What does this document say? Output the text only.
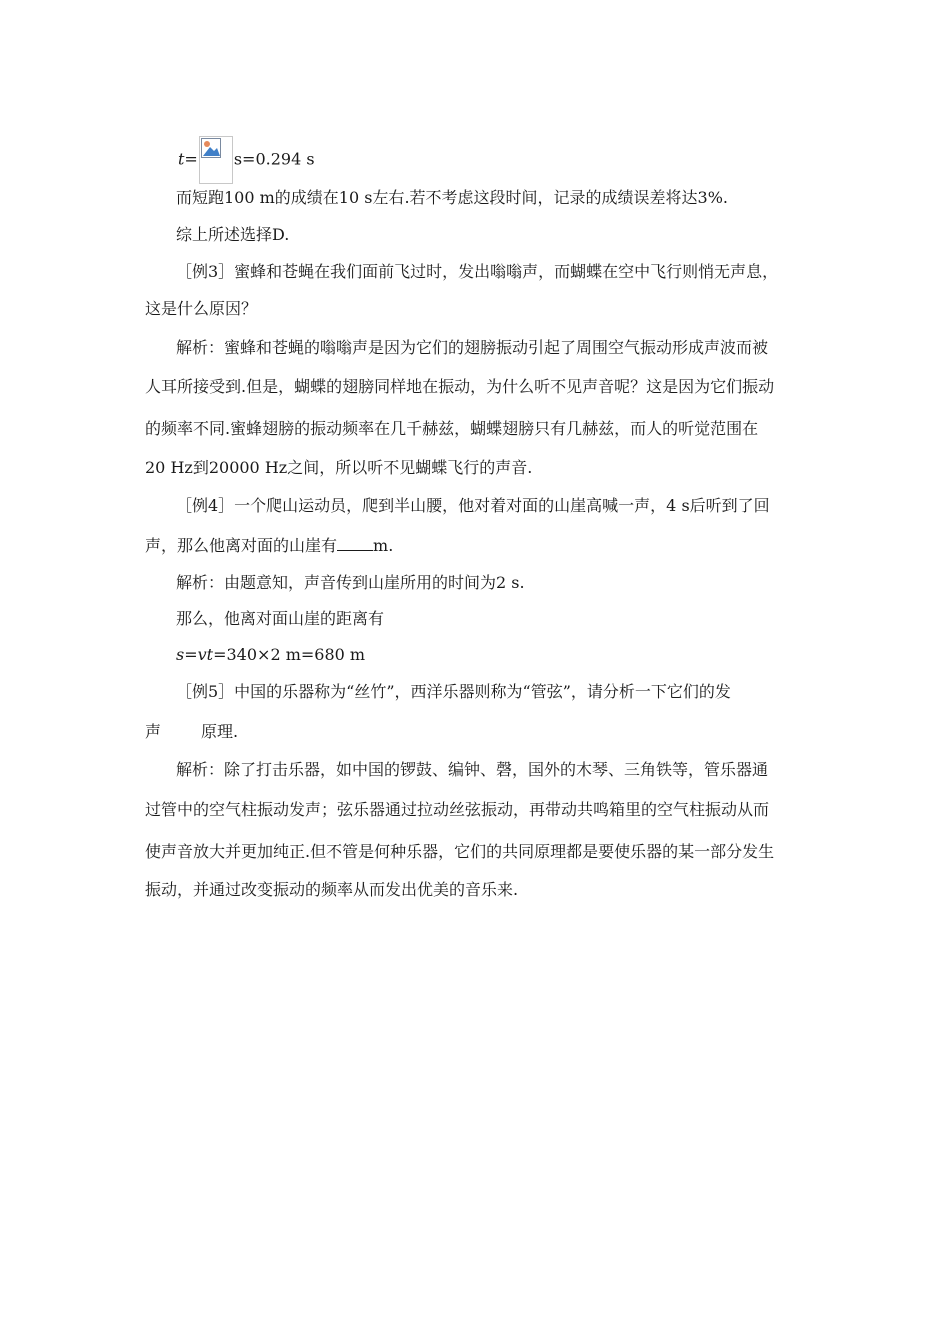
t= s=0.294 s
而短跑100 m的成绩在10 s左右.若不考虑这段时间，记录的成绩误差将达3%.
综上所述选择D.
［例3］蜜蜂和苍蝇在我们面前飞过时，发出嗡嗡声，而蝴蝶在空中飞行则悄无声息，
这是什么原因？
解析：蜜蜂和苍蝇的嗡嗡声是因为它们的翅膀振动引起了周围空气振动形成声波而被
人耳所接受到.但是，蝴蝶的翅膀同样地在振动，为什么听不见声音呢？这是因为它们振动
的频率不同.蜜蜂翅膀的振动频率在几千赫兹，蝴蝶翅膀只有几赫兹，而人的听觉范围在
20 Hz到20000 Hz之间，所以听不见蝴蝶飞行的声音.
［例4］一个爬山运动员，爬到半山腰，他对着对面的山崖高喊一声，4 s后听到了回
声，那么他离对面的山崖有 m.
解析：由题意知，声音传到山崖所用的时间为2 s.
那么，他离对面山崖的距离有
s=vt=340×2 m=680 m
［例5］中国的乐器称为“丝竹”，西洋乐器则称为“管弦”，请分析一下它们的发
声	原理.
解析：除了打击乐器，如中国的锣鼓、编钟、磬，国外的木琴、三角铁等，管乐器通
过管中的空气柱振动发声；弦乐器通过拉动丝弦振动，再带动共鸣箱里的空气柱振动从而
使声音放大并更加纯正.但不管是何种乐器，它们的共同原理都是要使乐器的某一部分发生
振动，并通过改变振动的频率从而发出优美的音乐来.
